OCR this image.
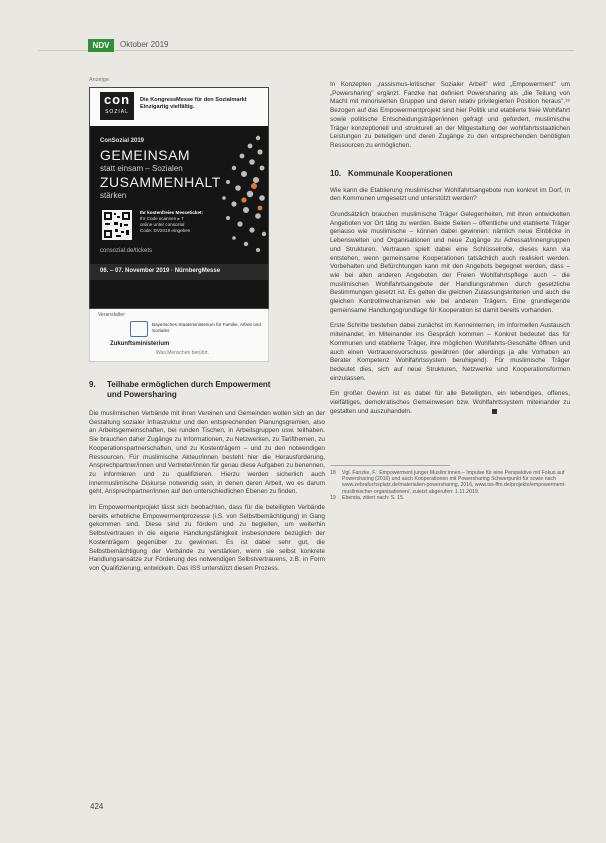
NDV	Oktober 2019
Anzeige
con
SOZIAL
Die KongressMesse für den Sozialmarkt Einzigartig vielfältig.
ConSozial 2019
GEMEINSAM
statt einsam – Sozialen
ZUSAMMENHALT
stärken
Ihr kostenfreies Messeticket:
Ihr Code scannen ▸ 7
online unter consozial
Code: DV2019 eingeben
consozial.de/tickets
06. – 07. November 2019 · NürnbergMesse
Veranstalter
Bayerisches Staatsministerium für Familie, Arbeit und Soziales
Zukunftsministerium
Was Menschen berührt.
9. Teilhabe ermöglichen durch Empowerment
und Powersharing

Die muslimischen Verbände mit ihren Vereinen und Gemeinden wollen sich an der Gestaltung sozialer Infrastruktur und den entsprechenden Planungsgremien, also an Arbeitsgemeinschaften, bei runden Tischen, in Arbeitsgruppen usw. teilhaben. Sie brauchen daher Zugänge zu Informationen, zu Netzwerken, zu Tarifthemen, zu Kooperationspartnerschaften, und zu Kostenträgern – und zu den notwendigen Ressourcen. Für muslimische Akteur/innen besteht hier die Herausforderung, Ansprechpartner/innen und Vertreter/innen für genau diese Aufgaben zu benennen, zu informieren und zu qualifizieren. Hierzu werden sicherlich auch innermuslimische Diskurse notwendig sein, in denen deren Arbeit, wo es darum geht, Ansprechpartner/innen auf den unterschiedlichen Ebenen zu finden.

Im Empowermentprojekt lässt sich beobachten, dass für die beteiligten Verbände bereits erhebliche Empowermentprozesse (i.S. von Selbstbemächtigung) in Gang gekommen sind. Diese sind zu fördern und zu begleiten, um weiterhin Selbstvertrauen in die eigene Handlungsfähigkeit insbesondere bezüglich der Kostenträgern gegenüber zu gewinnen. Es ist dabei sehr gut, die Selbstbemächtigung der Verbände zu verstärken, wenn sie selbst konkrete Handlungsansätze zur Förderung des notwendigen Selbstvertrauens, z.B. in Form von Qualifizierung, entwickeln. Das ISS unterstützt diesen Prozess.

In Konzepten „rassismus-kritischer Sozialer Arbeit" wird „Empowerment" um „Powersharing" ergänzt. Fanzke hat definiert Powersharing als „die Teilung von Macht mit minorisierten Gruppen und deren relativ privilegierten Position heraus".¹⁸ Bezogen auf das Empowermentprojekt sind hier Politik und etablierte freie Wohlfahrt sowie politische Entscheidungsträger/innen gefragt und gefordert, muslimische Träger konzeptionell und strukturell an der Mitgestaltung der wohlfahrtsstaatlichen Leistungen zu beteiligen und deren Zugänge zu den entsprechenden benötigten Ressourcen zu ermöglichen.

10. Kommunale Kooperationen

Wie kann die Etablierung muslimischer Wohlfahrtsangebote nun konkret im Dorf, in den Kommunen umgesetzt und unterstützt werden?

Grundsätzlich brauchen muslimische Träger Gelegenheiten, mit ihren entwickelten Angeboten vor Ort tätig zu werden. Beide Seiten – öffentliche und etablierte Träger genauso wie muslimische – können dabei gewinnen: nämlich neue Einblicke in Lebenswelten und Organisationen und neue Zugänge zu Adressat/innengruppen und Strukturen. Vertrauen spielt dabei eine Schlüsselrolle, dieses kann via entstehen, wenn gemeinsame Kooperationen tatsächlich auch realisiert werden. Vorbehalten und Befürchtungen kann mit den Angebots begegnet werden, dass – wie bei allen anderen Angeboten der Freien Wohlfahrtspflege auch – die muslimischen Wohlfahrtsangebote der Handlungsrahmen durch gesetzliche Bestimmungen gesetzt ist. Es gelten die gleichen Zulassungskriterien und auch die gleichen Kontrollmechanismen wie bei anderen Trägern. Eine grundlegende gemeinsame Handlungsgrundlage für Kooperation ist damit bereits vorhanden.

Erste Schritte bestehen dabei zunächst im Kennenlernen, im informellen Austausch miteinander, im Miteinander ins Gespräch kommen – Konkret bedeutet das für Kommunen und etablierte Träger, ihre möglichen Wohlfahrts-Geschäfte öffnen und auch einen Vertrauensvorschuss gewähren (der allerdings ja alle Vorhaben an Berater Kompetenz Wohlfahrtssystem beruhigend). Für muslimische Träger bedeutet dies, sich auf neue Strukturen, Netzwerke und Kooperationsformen einzulassen.

Ein großer Gewinn ist es dabei für alle Beteiligten, ein lebendiges, offenes, vielfältiges, demokratisches Gemeinwesen bzw. Wohlfahrtssystem miteinander zu gestalten und auszuhandeln.

18	Vgl. Fanzke, F.: Empowerment junger Muslim:innen – Impulse für eine Perspektive mit Fokus auf Powersharing (2016) und auch Kooperationen mit Powersharing Schwerpunkt für sowie nach www.zebrafuchsplatz.de/materialien-powersharing, 2016, www.iss-ffm.de/projekte/empowerment-muslimischer-organisationen/, zuletzt abgerufen: 1.11.2019.

19	Ebenda, zitiert nach: S. 15.

424
